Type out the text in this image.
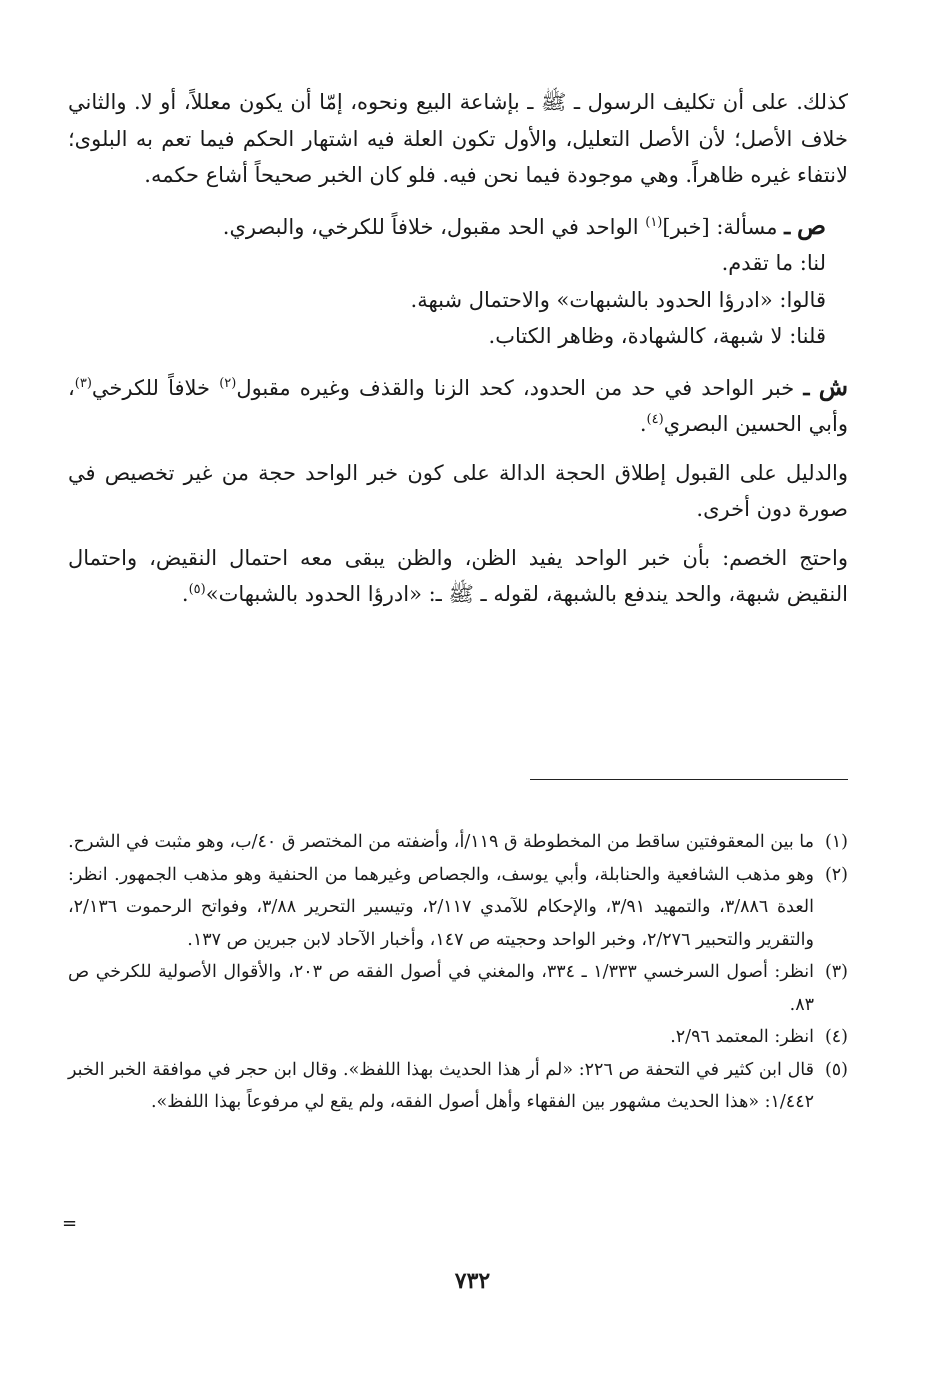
كذلك. على أن تكليف الرسول ـ ﷺ ـ بإشاعة البيع ونحوه، إمّا أن يكون معللاً، أو لا. والثاني خلاف الأصل؛ لأن الأصل التعليل، والأول تكون العلة فيه اشتهار الحكم فيما تعم به البلوى؛ لانتفاء غيره ظاهراً. وهي موجودة فيما نحن فيه. فلو كان الخبر صحيحاً أشاع حكمه.

ص ـ مسألة: [خبر]$^{(١)}$ الواحد في الحد مقبول، خلافاً للكرخي، والبصري.
لنا: ما تقدم.
قالوا: «ادرؤا الحدود بالشبهات» والاحتمال شبهة.
قلنا: لا شبهة، كالشهادة، وظاهر الكتاب.

ش ـ خبر الواحد في حد من الحدود، كحد الزنا والقذف وغيره مقبول$^{(٢)}$ خلافاً للكرخي$^{(٣)}$، وأبي الحسين البصري$^{(٤)}$.

والدليل على القبول إطلاق الحجة الدالة على كون خبر الواحد حجة من غير تخصيص في صورة دون أخرى.

واحتج الخصم: بأن خبر الواحد يفيد الظن، والظن يبقى معه احتمال النقيض، واحتمال النقيض شبهة، والحد يندفع بالشبهة، لقوله ـ ﷺ ـ: «ادرؤا الحدود بالشبهات»$^{(٥)}$.

(١)
ما بين المعقوفتين ساقط من المخطوطة ق ١١٩/أ، وأضفته من المختصر ق ٤٠/ب، وهو مثبت في الشرح.
(٢)
وهو مذهب الشافعية والحنابلة، وأبي يوسف، والجصاص وغيرهما من الحنفية وهو مذهب الجمهور. انظر: العدة ٣/٨٨٦، والتمهيد ٣/٩١، والإحكام للآمدي ٢/١١٧، وتيسير التحرير ٣/٨٨، وفواتح الرحموت ٢/١٣٦، والتقرير والتحبير ٢/٢٧٦، وخبر الواحد وحجيته ص ١٤٧، وأخبار الآحاد لابن جبرين ص ١٣٧.
(٣)
انظر: أصول السرخسي ١/٣٣٣ ـ ٣٣٤، والمغني في أصول الفقه ص ٢٠٣، والأقوال الأصولية للكرخي ص ٨٣.
(٤)
انظر: المعتمد ٢/٩٦.
(٥)
قال ابن كثير في التحفة ص ٢٢٦: «لم أر هذا الحديث بهذا اللفظ». وقال ابن حجر في موافقة الخبر الخبر ١/٤٤٢: «هذا الحديث مشهور بين الفقهاء وأهل أصول الفقه، ولم يقع لي مرفوعاً بهذا اللفظ».
=
٧٣٢
